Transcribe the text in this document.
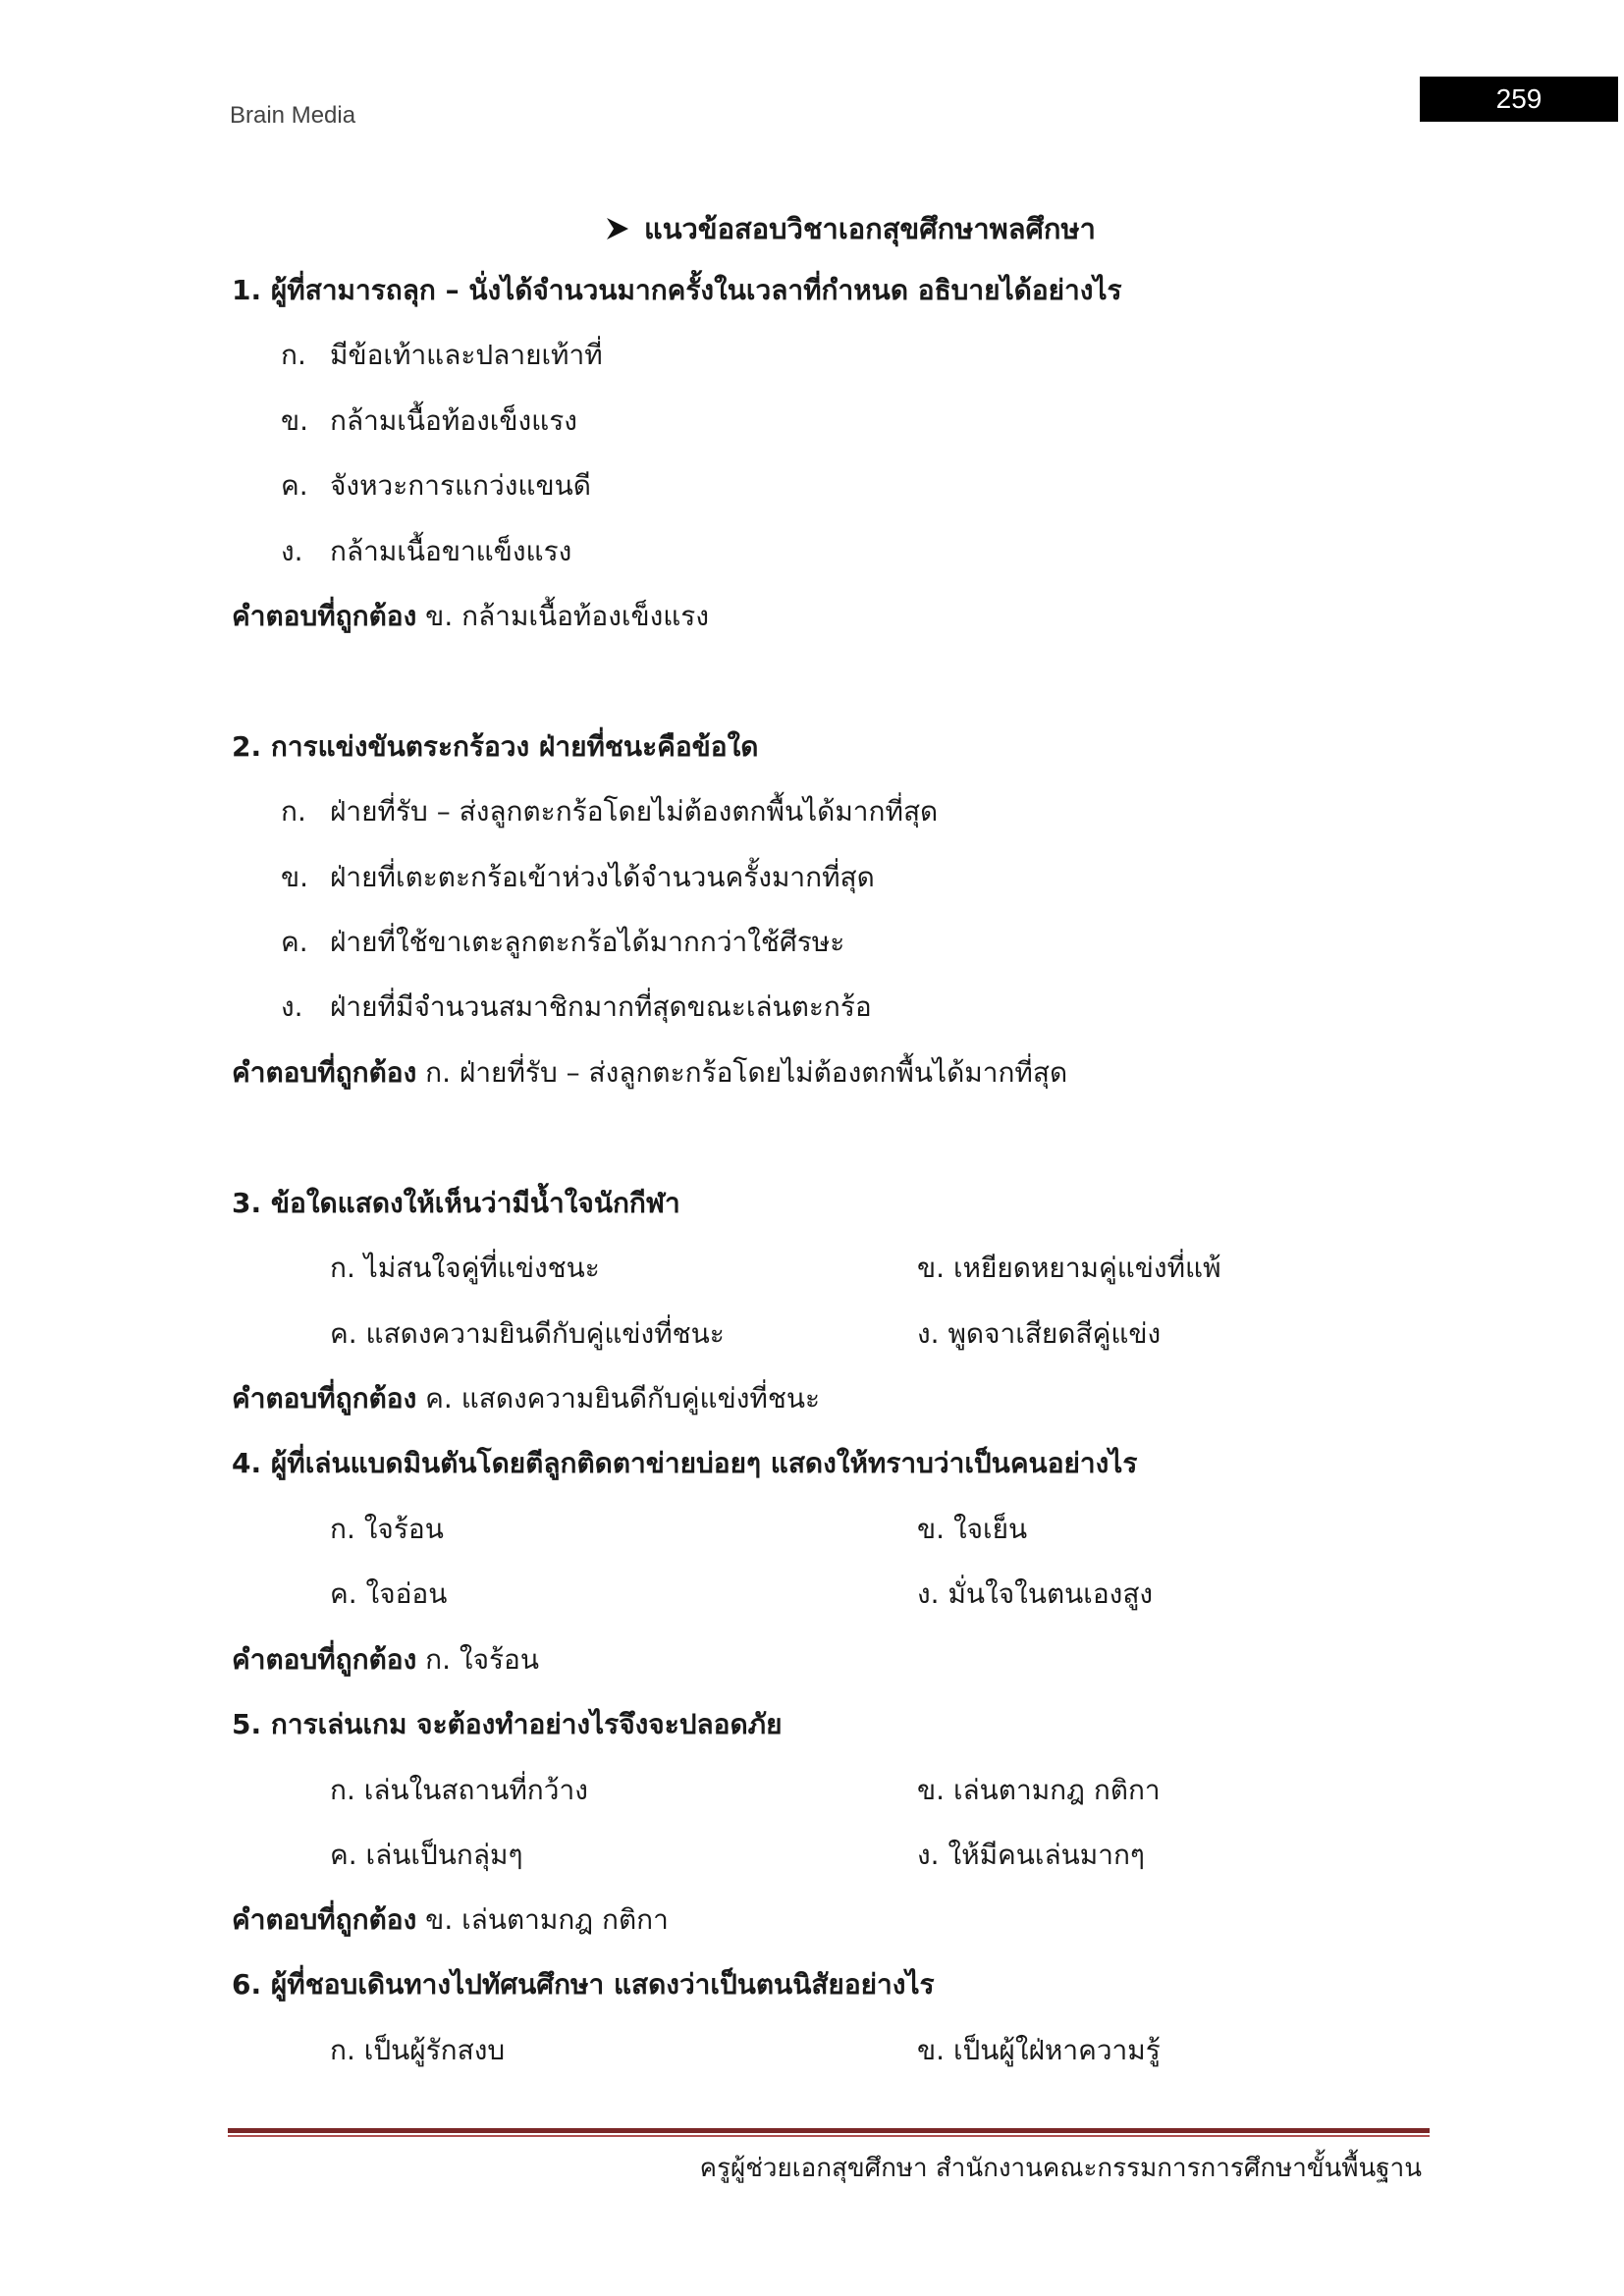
Brain Media
259
แนวข้อสอบวิชาเอกสุขศึกษาพลศึกษา
1. ผู้ที่สามารถลุก – นั่งได้จำนวนมากครั้งในเวลาที่กำหนด อธิบายได้อย่างไร
ก. มีข้อเท้าและปลายเท้าที่
ข. กล้ามเนื้อท้องเข็งแรง
ค. จังหวะการแกว่งแขนดี
ง. กล้ามเนื้อขาแข็งแรง
คำตอบที่ถูกต้อง ข. กล้ามเนื้อท้องเข็งแรง
2. การแข่งขันตระกร้อวง ฝ่ายที่ชนะคือข้อใด
ก. ฝ่ายที่รับ – ส่งลูกตะกร้อโดยไม่ต้องตกพื้นได้มากที่สุด
ข. ฝ่ายที่เตะตะกร้อเข้าห่วงได้จำนวนครั้งมากที่สุด
ค. ฝ่ายที่ใช้ขาเตะลูกตะกร้อได้มากกว่าใช้ศีรษะ
ง. ฝ่ายที่มีจำนวนสมาชิกมากที่สุดขณะเล่นตะกร้อ
คำตอบที่ถูกต้อง ก. ฝ่ายที่รับ – ส่งลูกตะกร้อโดยไม่ต้องตกพื้นได้มากที่สุด
3. ข้อใดแสดงให้เห็นว่ามีน้ำใจนักกีฬา
ก. ไม่สนใจคู่ที่แข่งชนะ	ข. เหยียดหยามคู่แข่งที่แพ้
ค. แสดงความยินดีกับคู่แข่งที่ชนะ	ง. พูดจาเสียดสีคู่แข่ง
คำตอบที่ถูกต้อง ค. แสดงความยินดีกับคู่แข่งที่ชนะ
4. ผู้ที่เล่นแบดมินตันโดยตีลูกติดตาข่ายบ่อยๆ แสดงให้ทราบว่าเป็นคนอย่างไร
ก. ใจร้อน	ข. ใจเย็น
ค. ใจอ่อน	ง. มั่นใจในตนเองสูง
คำตอบที่ถูกต้อง ก. ใจร้อน
5. การเล่นเกม จะต้องทำอย่างไรจึงจะปลอดภัย
ก. เล่นในสถานที่กว้าง	ข. เล่นตามกฎ กติกา
ค. เล่นเป็นกลุ่มๆ	ง. ให้มีคนเล่นมากๆ
คำตอบที่ถูกต้อง ข. เล่นตามกฎ กติกา
6. ผู้ที่ชอบเดินทางไปทัศนศึกษา แสดงว่าเป็นตนนิสัยอย่างไร
ก. เป็นผู้รักสงบ	ข. เป็นผู้ใฝ่หาความรู้
ครูผู้ช่วยเอกสุขศึกษา สำนักงานคณะกรรมการการศึกษาขั้นพื้นฐาน
